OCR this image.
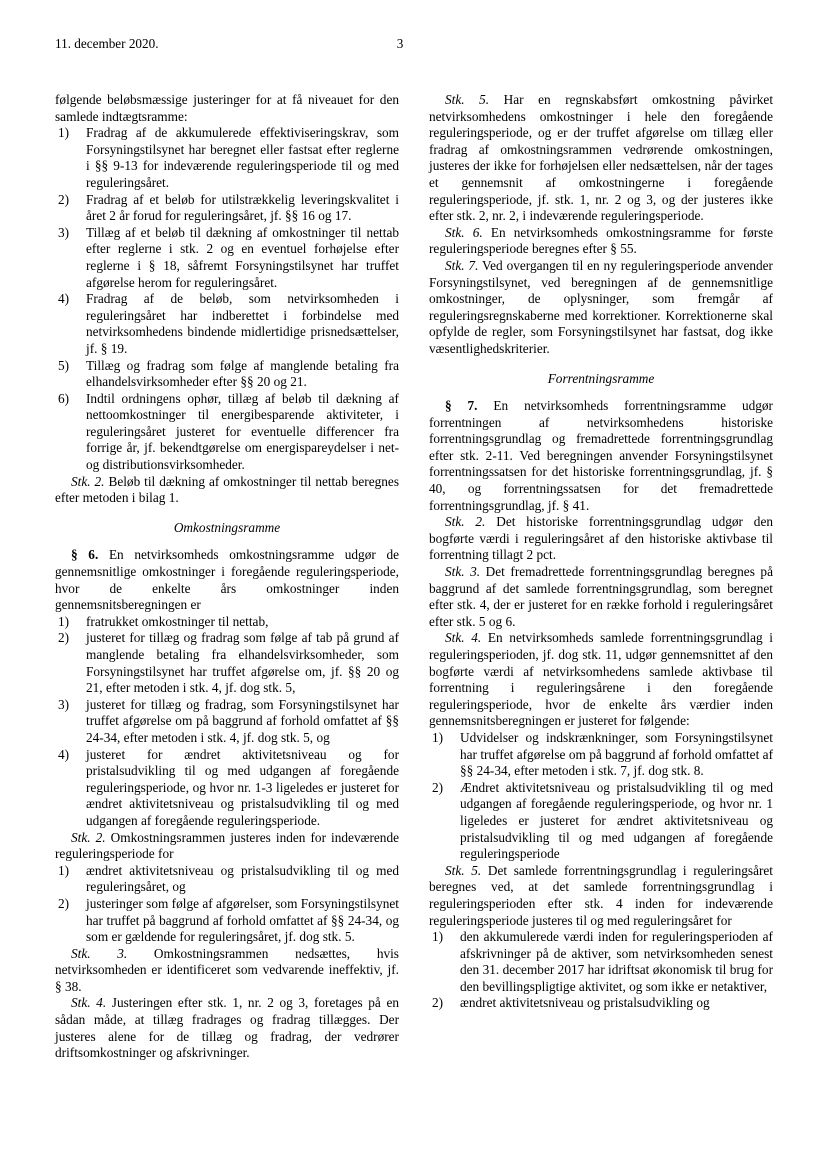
11. december 2020.	3

følgende beløbsmæssige justeringer for at få niveauet for den samlede indtægtsramme:

1)	Fradrag af de akkumulerede effektiviseringskrav, som Forsyningstilsynet har beregnet eller fastsat efter reglerne i §§ 9-13 for indeværende reguleringsperiode til og med reguleringsåret.
2)	Fradrag af et beløb for utilstrækkelig leveringskvalitet i året 2 år forud for reguleringsåret, jf. §§ 16 og 17.
3)	Tillæg af et beløb til dækning af omkostninger til nettab efter reglerne i stk. 2 og en eventuel forhøjelse efter reglerne i § 18, såfremt Forsyningstilsynet har truffet afgørelse herom for reguleringsåret.
4)	Fradrag af de beløb, som netvirksomheden i reguleringsåret har indberettet i forbindelse med netvirksomhedens bindende midlertidige prisnedsættelser, jf. § 19.
5)	Tillæg og fradrag som følge af manglende betaling fra elhandelsvirksomheder efter §§ 20 og 21.
6)	Indtil ordningens ophør, tillæg af beløb til dækning af nettoomkostninger til energibesparende aktiviteter, i reguleringsåret justeret for eventuelle differencer fra forrige år, jf. bekendtgørelse om energispareydelser i net- og distributionsvirksomheder.

Stk. 2. Beløb til dækning af omkostninger til nettab beregnes efter metoden i bilag 1.

Omkostningsramme

§ 6. En netvirksomheds omkostningsramme udgør de gennemsnitlige omkostninger i foregående reguleringsperiode, hvor de enkelte års omkostninger inden gennemsnitsberegningen er

1)	fratrukket omkostninger til nettab,
2)	justeret for tillæg og fradrag som følge af tab på grund af manglende betaling fra elhandelsvirksomheder, som Forsyningstilsynet har truffet afgørelse om, jf. §§ 20 og 21, efter metoden i stk. 4, jf. dog stk. 5,
3)	justeret for tillæg og fradrag, som Forsyningstilsynet har truffet afgørelse om på baggrund af forhold omfattet af §§ 24-34, efter metoden i stk. 4, jf. dog stk. 5, og
4)	justeret for ændret aktivitetsniveau og for pristalsudvikling til og med udgangen af foregående reguleringsperiode, og hvor nr. 1-3 ligeledes er justeret for ændret aktivitetsniveau og pristalsudvikling til og med udgangen af foregående reguleringsperiode.

Stk. 2. Omkostningsrammen justeres inden for indeværende reguleringsperiode for

1)	ændret aktivitetsniveau og pristalsudvikling til og med reguleringsåret, og
2)	justeringer som følge af afgørelser, som Forsyningstilsynet har truffet på baggrund af forhold omfattet af §§ 24-34, og som er gældende for reguleringsåret, jf. dog stk. 5.

Stk. 3. Omkostningsrammen nedsættes, hvis netvirksomheden er identificeret som vedvarende ineffektiv, jf. § 38.

Stk. 4. Justeringen efter stk. 1, nr. 2 og 3, foretages på en sådan måde, at tillæg fradrages og fradrag tillægges. Der justeres alene for de tillæg og fradrag, der vedrører driftsomkostninger og afskrivninger.

Stk. 5. Har en regnskabsført omkostning påvirket netvirksomhedens omkostninger i hele den foregående reguleringsperiode, og er der truffet afgørelse om tillæg eller fradrag af omkostningsrammen vedrørende omkostningen, justeres der ikke for forhøjelsen eller nedsættelsen, når der tages et gennemsnit af omkostningerne i foregående reguleringsperiode, jf. stk. 1, nr. 2 og 3, og der justeres ikke efter stk. 2, nr. 2, i indeværende reguleringsperiode.

Stk. 6. En netvirksomheds omkostningsramme for første reguleringsperiode beregnes efter § 55.

Stk. 7. Ved overgangen til en ny reguleringsperiode anvender Forsyningstilsynet, ved beregningen af de gennemsnitlige omkostninger, de oplysninger, som fremgår af reguleringsregnskaberne med korrektioner. Korrektionerne skal opfylde de regler, som Forsyningstilsynet har fastsat, dog ikke væsentlighedskriterier.

Forrentningsramme

§ 7. En netvirksomheds forrentningsramme udgør forrentningen af netvirksomhedens historiske forrentningsgrundlag og fremadrettede forrentningsgrundlag efter stk. 2-11. Ved beregningen anvender Forsyningstilsynet forrentningssatsen for det historiske forrentningsgrundlag, jf. § 40, og forrentningssatsen for det fremadrettede forrentningsgrundlag, jf. § 41.

Stk. 2. Det historiske forrentningsgrundlag udgør den bogførte værdi i reguleringsåret af den historiske aktivbase til forrentning tillagt 2 pct.

Stk. 3. Det fremadrettede forrentningsgrundlag beregnes på baggrund af det samlede forrentningsgrundlag, som beregnet efter stk. 4, der er justeret for en række forhold i reguleringsåret efter stk. 5 og 6.

Stk. 4. En netvirksomheds samlede forrentningsgrundlag i reguleringsperioden, jf. dog stk. 11, udgør gennemsnittet af den bogførte værdi af netvirksomhedens samlede aktivbase til forrentning i reguleringsårene i den foregående reguleringsperiode, hvor de enkelte års værdier inden gennemsnitsberegningen er justeret for følgende:

1)	Udvidelser og indskrænkninger, som Forsyningstilsynet har truffet afgørelse om på baggrund af forhold omfattet af §§ 24-34, efter metoden i stk. 7, jf. dog stk. 8.
2)	Ændret aktivitetsniveau og pristalsudvikling til og med udgangen af foregående reguleringsperiode, og hvor nr. 1 ligeledes er justeret for ændret aktivitetsniveau og pristalsudvikling til og med udgangen af foregående reguleringsperiode

Stk. 5. Det samlede forrentningsgrundlag i reguleringsåret beregnes ved, at det samlede forrentningsgrundlag i reguleringsperioden efter stk. 4 inden for indeværende reguleringsperiode justeres til og med reguleringsåret for

1)	den akkumulerede værdi inden for reguleringsperioden af afskrivninger på de aktiver, som netvirksomheden senest den 31. december 2017 har idriftsat økonomisk til brug for den bevillingspligtige aktivitet, og som ikke er netaktiver,
2)	ændret aktivitetsniveau og pristalsudvikling og
